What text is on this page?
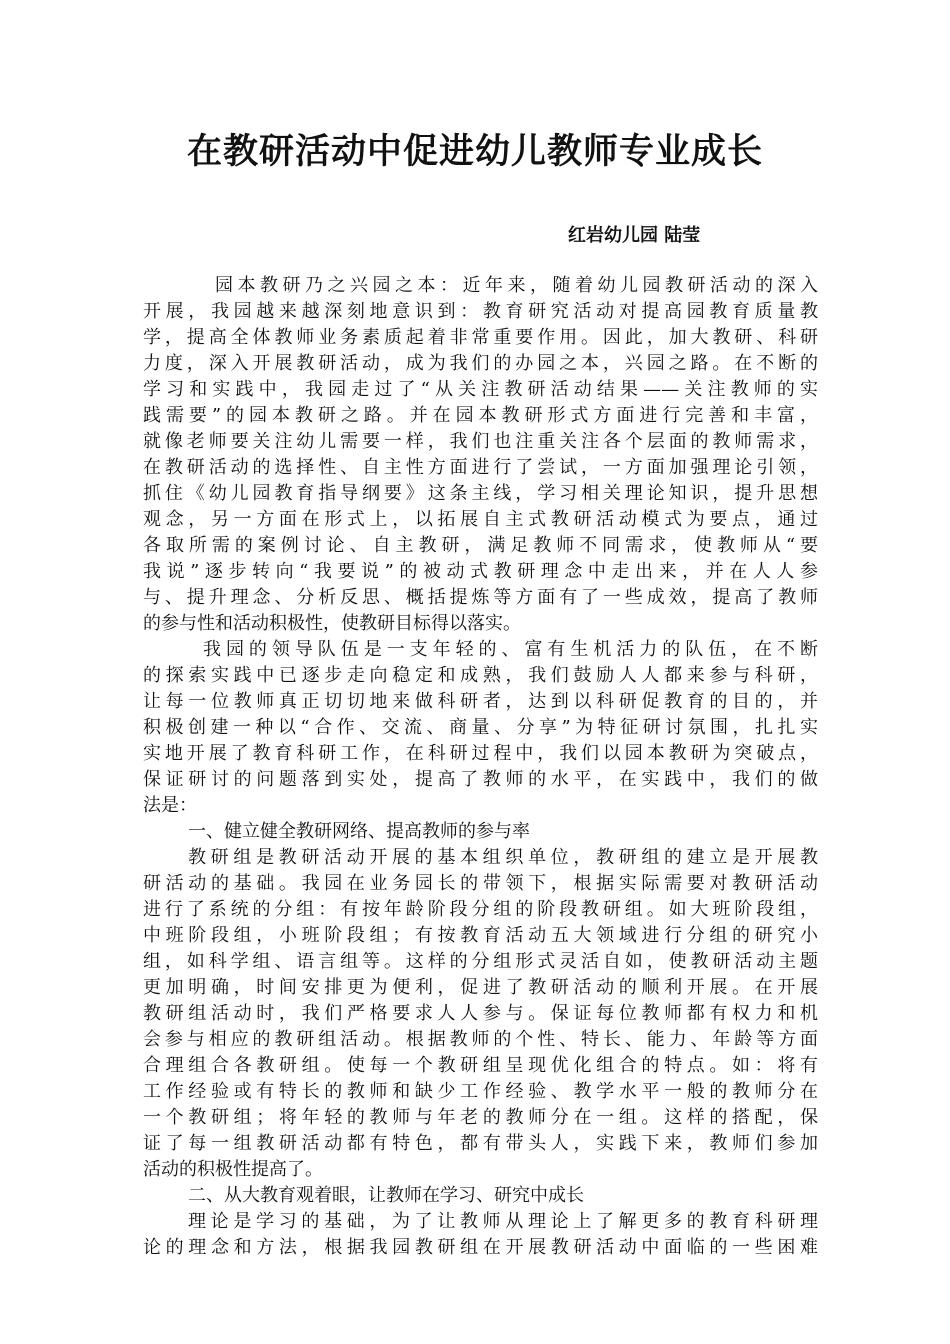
在教研活动中促进幼儿教师专业成长

红岩幼儿园 陆莹

园本教研乃之兴园之本：近年来，随着幼儿园教研活动的深入
开展，我园越来越深刻地意识到：教育研究活动对提高园教育质量教
学，提高全体教师业务素质起着非常重要作用。因此，加大教研、科研
力度，深入开展教研活动，成为我们的办园之本，兴园之路。在不断的
学习和实践中，我园走过了“从关注教研活动结果——关注教师的实
践需要”的园本教研之路。并在园本教研形式方面进行完善和丰富，
就像老师要关注幼儿需要一样，我们也注重关注各个层面的教师需求，
在教研活动的选择性、自主性方面进行了尝试，一方面加强理论引领，
抓住《幼儿园教育指导纲要》这条主线，学习相关理论知识，提升思想
观念，另一方面在形式上，以拓展自主式教研活动模式为要点，通过
各取所需的案例讨论、自主教研，满足教师不同需求，使教师从“要
我说”逐步转向“我要说”的被动式教研理念中走出来，并在人人参
与、提升理念、分析反思、概括提炼等方面有了一些成效，提高了教师
的参与性和活动积极性，使教研目标得以落实。
我园的领导队伍是一支年轻的、富有生机活力的队伍，在不断
的探索实践中已逐步走向稳定和成熟，我们鼓励人人都来参与科研，
让每一位教师真正切切地来做科研者，达到以科研促教育的目的，并
积极创建一种以“合作、交流、商量、分享”为特征研讨氛围，扎扎实
实地开展了教育科研工作，在科研过程中，我们以园本教研为突破点，
保证研讨的问题落到实处，提高了教师的水平，在实践中，我们的做
法是：
一、健立健全教研网络、提高教师的参与率
教研组是教研活动开展的基本组织单位，教研组的建立是开展教
研活动的基础。我园在业务园长的带领下，根据实际需要对教研活动
进行了系统的分组：有按年龄阶段分组的阶段教研组。如大班阶段组，
中班阶段组，小班阶段组；有按教育活动五大领域进行分组的研究小
组，如科学组、语言组等。这样的分组形式灵活自如，使教研活动主题
更加明确，时间安排更为便利，促进了教研活动的顺利开展。在开展
教研组活动时，我们严格要求人人参与。保证每位教师都有权力和机
会参与相应的教研组活动。根据教师的个性、特长、能力、年龄等方面
合理组合各教研组。使每一个教研组呈现优化组合的特点。如：将有
工作经验或有特长的教师和缺少工作经验、教学水平一般的教师分在
一个教研组；将年轻的教师与年老的教师分在一组。这样的搭配，保
证了每一组教研活动都有特色，都有带头人，实践下来，教师们参加
活动的积极性提高了。
二、从大教育观着眼，让教师在学习、研究中成长
理论是学习的基础，为了让教师从理论上了解更多的教育科研理
论的理念和方法，根据我园教研组在开展教研活动中面临的一些困难
